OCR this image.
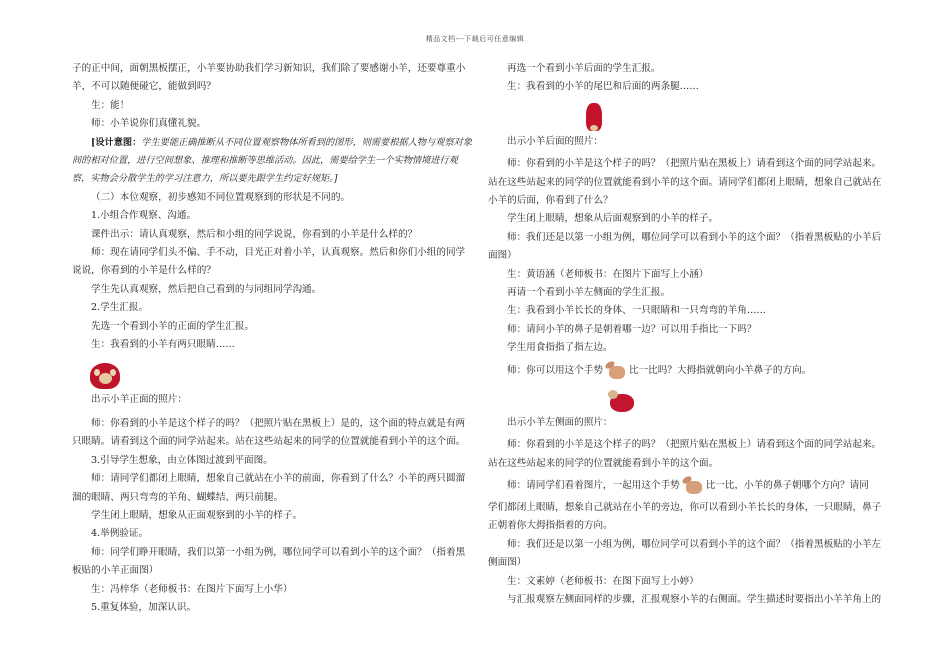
精品文档---下载后可任意编辑

子的正中间，面朝黑板摆正，小羊要协助我们学习新知识，我们除了要感谢小羊，还要尊重小

羊，不可以随便碰它，能做到吗？

生：能！

师：小羊说你们真懂礼貌。

[设计意图：学生要能正确推断从不同位置观察物体所看到的图形，则需要根据人物与观察对象间的相对位置，进行空间想象、推理和推断等思维活动。因此，需要给学生一个实物情境进行观察，实物会分散学生的学习注意力，所以要先跟学生约定好规矩。]

（二）本位观察，初步感知不同位置观察到的形状是不同的。

1.小组合作观察、沟通。

课件出示：请认真观察，然后和小组的同学说说，你看到的小羊是什么样的？

师：现在请同学们头不偏、手不动，目光正对着小羊，认真观察。然后和你们小组的同学说说，你看到的小羊是什么样的？

学生先认真观察，然后把自己看到的与同组同学沟通。

2.学生汇报。

先选一个看到小羊的正面的学生汇报。

生：我看到的小羊有两只眼睛……

出示小羊正面的照片：

师：你看到的小羊是这个样子的吗？（把照片贴在黑板上）是的，这个面的特点就是有两只眼睛。请看到这个面的同学站起来。站在这些站起来的同学的位置就能看到小羊的这个面。

3.引导学生想象，由立体图过渡到平面图。

师：请同学们都闭上眼睛，想象自己就站在小羊的前面，你看到了什么？小羊的两只圆溜溜的眼睛、两只弯弯的羊角、蝴蝶结、两只前腿。

学生闭上眼睛，想象从正面观察到的小羊的样子。

4.举例验证。

师：同学们睁开眼睛，我们以第一小组为例，哪位同学可以看到小羊的这个面？（指着黑板贴的小羊正面图）

生：冯梓华（老师板书：在图片下面写上小华）

5.重复体验，加深认识。

再选一个看到小羊后面的学生汇报。

生：我看到的小羊的尾巴和后面的两条腿……

出示小羊后面的照片：

师：你看到的小羊是这个样子的吗？（把照片贴在黑板上）请看到这个面的同学站起来。站在这些站起来的同学的位置就能看到小羊的这个面。请同学们都闭上眼睛，想象自己就站在小羊的后面，你看到了什么？

学生闭上眼睛，想象从后面观察到的小羊的样子。

师：我们还是以第一小组为例，哪位同学可以看到小羊的这个面？（指着黑板贴的小羊后面图）

生：黄语涵（老师板书：在图片下面写上小涵）

再请一个看到小羊左侧面的学生汇报。

生：我看到小羊长长的身体、一只眼睛和一只弯弯的羊角……

师：请问小羊的鼻子是朝着哪一边？可以用手指比一下吗？

学生用食指指了指左边。

师：你可以用这个手势	比一比吗？大拇指就朝向小羊鼻子的方向。

出示小羊左侧面的照片：

师：你看到的小羊是这个样子的吗？（把照片贴在黑板上）请看到这个面的同学站起来。站在这些站起来的同学的位置就能看到小羊的这个面。

师：请同学们看着图片，一起用这个手势	比一比，小羊的鼻子朝哪个方向？请同

学们都闭上眼睛，想象自己就站在小羊的旁边，你可以看到小羊长长的身体，一只眼睛，鼻子正朝着你大拇指指着的方向。

师：我们还是以第一小组为例，哪位同学可以看到小羊的这个面？（指着黑板贴的小羊左侧面图）

生：文素婷（老师板书：在图下面写上小婷）

与汇报观察左侧面同样的步骤，汇报观察小羊的右侧面。学生描述时要指出小羊羊角上的
